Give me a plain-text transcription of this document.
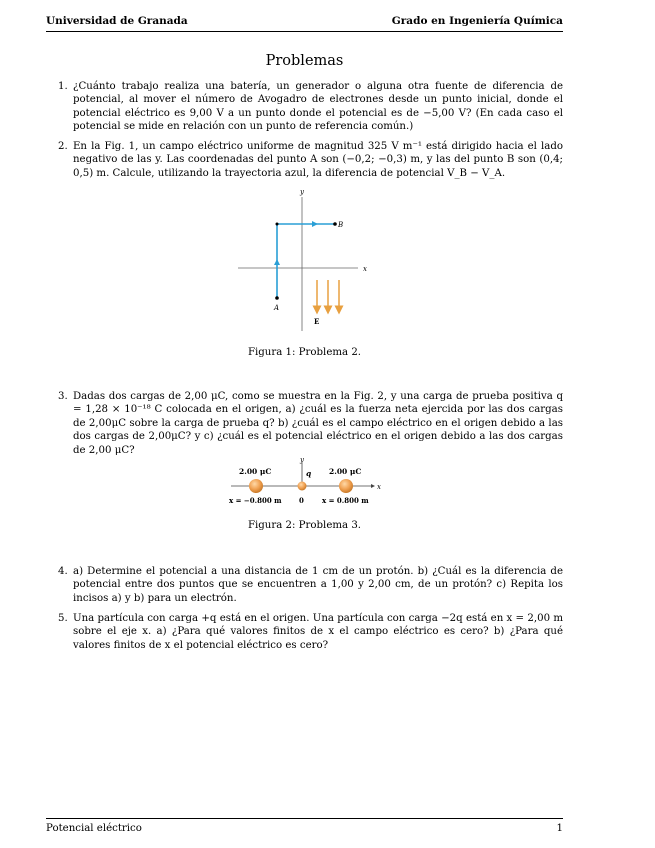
Universidad de Granada	Grado en Ingeniería Química
Problemas
1. ¿Cuánto trabajo realiza una batería, un generador o alguna otra fuente de diferencia de potencial, al mover el número de Avogadro de electrones desde un punto inicial, donde el potencial eléctrico es 9,00 V a un punto donde el potencial es de −5,00 V? (En cada caso el potencial se mide en relación con un punto de referencia común.)
2. En la Fig. 1, un campo eléctrico uniforme de magnitud 325 V m⁻¹ está dirigido hacia el lado negativo de las y. Las coordenadas del punto A son (−0,2; −0,3) m, y las del punto B son (0,4; 0,5) m. Calcule, utilizando la trayectoria azul, la diferencia de potencial V_B − V_A.
x
y
A
B
E
Figura 1: Problema 2.
3. Dadas dos cargas de 2,00 μC, como se muestra en la Fig. 2, y una carga de prueba positiva q = 1,28 × 10⁻¹⁸ C colocada en el origen, a) ¿cuál es la fuerza neta ejercida por las dos cargas de 2,00μC sobre la carga de prueba q? b) ¿cuál es el campo eléctrico en el origen debido a las dos cargas de 2,00μC? y c) ¿cuál es el potencial eléctrico en el origen debido a las dos cargas de 2,00 μC?
x
y
2.00 μC	2.00 μC
q
x = −0.800 m 0	x = 0.800 m
Figura 2: Problema 3.
4. a) Determine el potencial a una distancia de 1 cm de un protón. b) ¿Cuál es la diferencia de potencial entre dos puntos que se encuentren a 1,00 y 2,00 cm, de un protón? c) Repita los incisos a) y b) para un electrón.
5. Una partícula con carga +q está en el origen. Una partícula con carga −2q está en x = 2,00 m sobre el eje x. a) ¿Para qué valores finitos de x el campo eléctrico es cero? b) ¿Para qué valores finitos de x el potencial eléctrico es cero?
Potencial eléctrico	1
